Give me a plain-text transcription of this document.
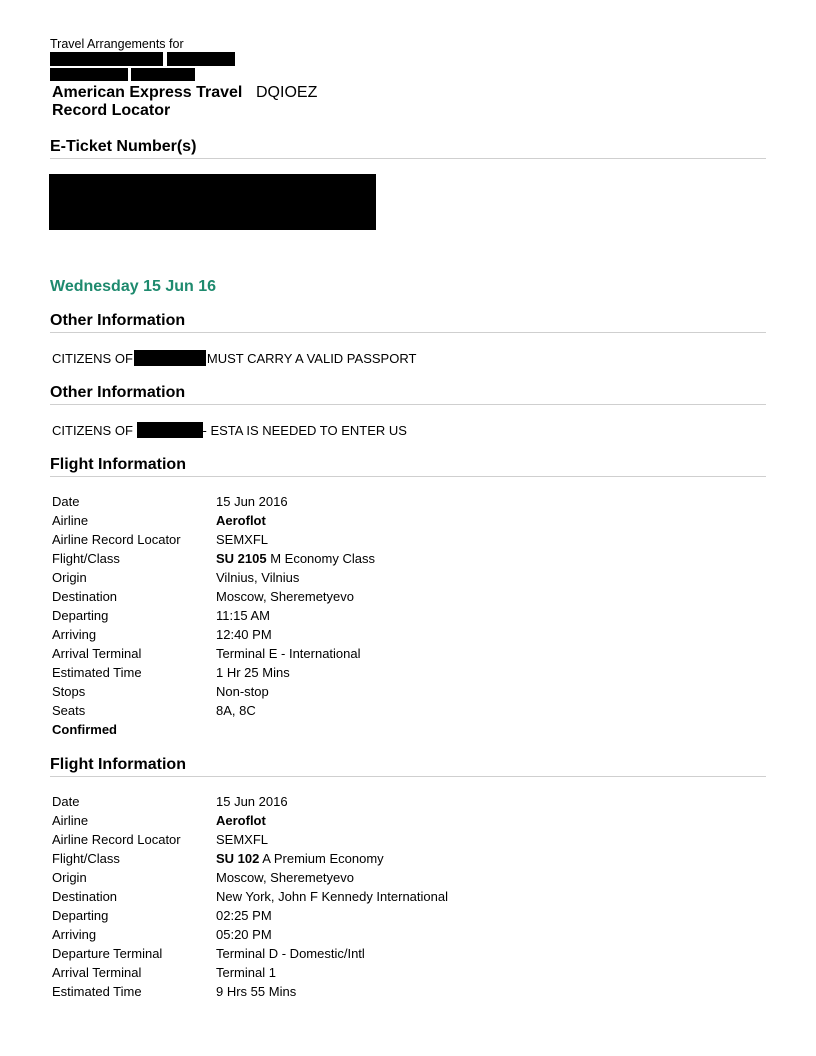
Travel Arrangements for
American Express Travel
Record Locator
DQIOEZ
E-Ticket Number(s)
Wednesday 15 Jun 16
Other Information
CITIZENS OF	MUST CARRY A VALID PASSPORT
Other Information
CITIZENS OF	- ESTA IS NEEDED TO ENTER US
Flight Information
Date	15 Jun 2016
Airline	Aeroflot
Airline Record Locator	SEMXFL
Flight/Class	SU 2105 M Economy Class
Origin	Vilnius, Vilnius
Destination	Moscow, Sheremetyevo
Departing	11:15 AM
Arriving	12:40 PM
Arrival Terminal	Terminal E - International
Estimated Time	1 Hr 25 Mins
Stops	Non-stop
Seats	8A, 8C
Confirmed
Flight Information
Date	15 Jun 2016
Airline	Aeroflot
Airline Record Locator	SEMXFL
Flight/Class	SU 102 A Premium Economy
Origin	Moscow, Sheremetyevo
Destination	New York, John F Kennedy International
Departing	02:25 PM
Arriving	05:20 PM
Departure Terminal	Terminal D - Domestic/Intl
Arrival Terminal	Terminal 1
Estimated Time	9 Hrs 55 Mins
